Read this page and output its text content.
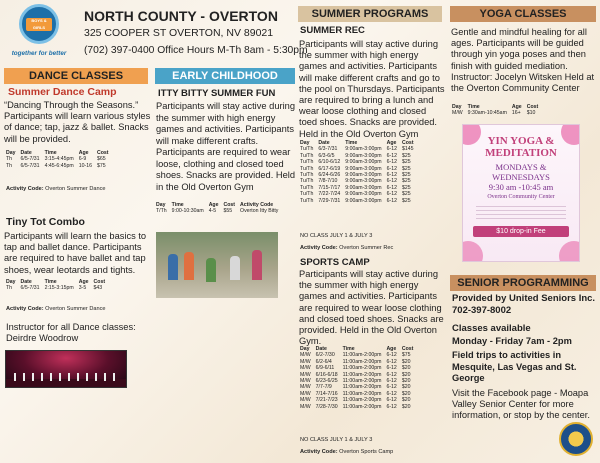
BOYS & GIRLS
together for better
NORTH COUNTY - OVERTON
325 COOPER ST OVERTON, NV 89021
(702) 397-0400 Office Hours M-Th 8am - 5:30pm
DANCE CLASSES
Summer Dance Camp
“Dancing Through the Seasons.” Participants will learn various styles of dance; tap, jazz & ballet. Snacks will be provided.
Day	Date	Time	Age	Cost
Th	6/5-7/31	3:15-4:45pm	6-9	$65
Th	6/5-7/31	4:45-6:45pm	10-16	$75
Activity Code: Overton Summer Dance
Tiny Tot Combo
Participants will learn the basics to tap and ballet dance. Participants are required to have ballet and tap shoes, wear leotards and tights.
Day	Date	Time	Age	Cost
Th	6/5-7/31	2:15-3:15pm	3-5	$43
Activity Code: Overton Summer Dance
Instructor for all Dance classes: Deirdre Woodrow
EARLY CHILDHOOD
ITTY BITTY SUMMER FUN
Participants will stay active during the summer with high energy games and activities. Participants will make different crafts. Participants are required to wear loose, clothing and closed toed shoes. Snacks are provided. Held in the Old Overton Gym
Day	Time	Age	Cost	Activity Code
T/Th	9:00-10:30am	4-5	$55	Overton Itty Bitty
SUMMER PROGRAMS
SUMMER REC
Participants will stay active during the summer with high energy games and activities. Participants will make different crafts and go to the pool on Thursdays. Participants are required to bring a lunch and wear loose clothing and closed toed shoes. Snacks are provided. Held in the Old Overton Gym
Day	Date	Time	Age	Cost
Tu/Th	6/3-7/31	9:00am-3:00pm	6-12	$145
Tu/Th	6/3-6/5	9:00am-3:00pm	6-12	$25
Tu/Th	6/10-6/12	9:00am-3:00pm	6-12	$25
Tu/Th	6/17-6/19	9:00am-3:00pm	6-12	$25
Tu/Th	6/24-6/26	9:00am-3:00pm	6-12	$25
Tu/Th	7/8-7/10	9:00am-3:00pm	6-12	$25
Tu/Th	7/15-7/17	9:00am-3:00pm	6-12	$25
Tu/Th	7/22-7/24	9:00am-3:00pm	6-12	$25
Tu/Th	7/29-7/31	9:00am-3:00pm	6-12	$25
NO CLASS JULY 1 & JULY 3
Activity Code: Overton Summer Rec
SPORTS CAMP
Participants will stay active during the summer with high energy games and activities. Participants are required to wear loose clothing and closed toed shoes. Snacks are provided. Held in the Old Overton Gym.
Day	Date	Time	Age	Cost
M/W	6/2-7/30	11:00am-2:00pm	6-12	$75
M/W	6/2-6/4	11:00am-2:00pm	6-12	$20
M/W	6/9-6/11	11:00am-2:00pm	6-12	$20
M/W	6/16-6/18	11:00am-2:00pm	6-12	$20
M/W	6/23-6/25	11:00am-2:00pm	6-12	$20
M/W	7/7-7/9	11:00am-2:00pm	6-12	$20
M/W	7/14-7/16	11:00am-2:00pm	6-12	$20
M/W	7/21-7/23	11:00am-2:00pm	6-12	$20
M/W	7/28-7/30	11:00am-2:00pm	6-12	$20
NO CLASS JULY 1 & JULY 3
Activity Code: Overton Sports Camp
YOGA CLASSES
Gentle and mindful healing for all ages. Participants will be guided through yin yoga poses and then finish with guided mediation. Instructor: Jocelyn Witsken Held at the Overton Community Center
Day	Time	Age	Cost
M/W	9:30am-10:45am	16+	$10
YIN YOGA &
MEDITATION
MONDAYS &
WEDNESDAYS
9:30 am -10:45 am
Overton Community Center
$10 drop-in Fee
SENIOR PROGRAMMING
Provided by United Seniors Inc. 702-397-8002
Classes available
Monday - Friday 7am - 2pm
Field trips to activities in Mesquite, Las Vegas and St. George
Visit the Facebook page - Moapa Valley Senior Center for more information, or stop by the center.
